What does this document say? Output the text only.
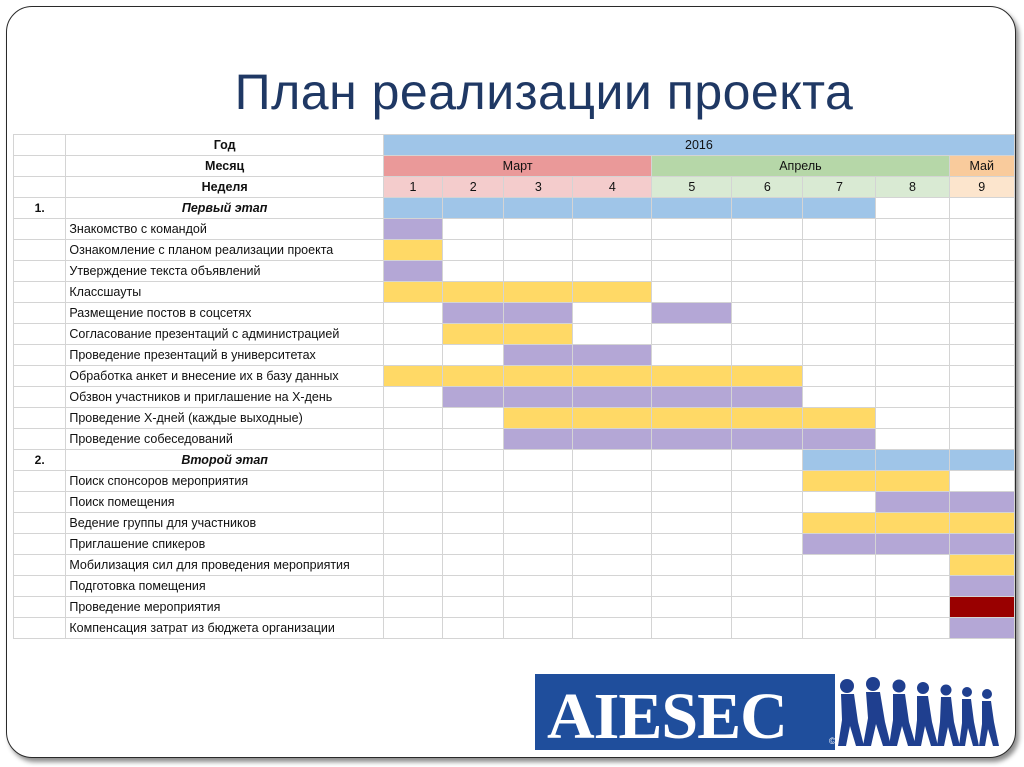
План реализации проекта
	Год	2016								
	Месяц	Март				Апрель				Май
	Неделя	1	2	3	4	5	6	7	8	9
1.	Первый этап									
	Знакомство с командой									
	Ознакомление с планом реализации проекта									
	Утверждение текста объявлений									
	Классшауты									
	Размещение постов в соцсетях									
	Согласование презентаций с администрацией									
	Проведение презентаций в университетах									
	Обработка анкет и внесение их в базу данных									
	Обзвон участников и приглашение на Х-день									
	Проведение Х-дней (каждые выходные)									
	Проведение собеседований									
2.	Второй этап									
	Поиск спонсоров мероприятия									
	Поиск помещения									
	Ведение группы для участников									
	Приглашение спикеров									
	Мобилизация сил для проведения мероприятия									
	Подготовка помещения									
	Проведение мероприятия									
	Компенсация затрат из бюджета организации									
AIESEC	©
